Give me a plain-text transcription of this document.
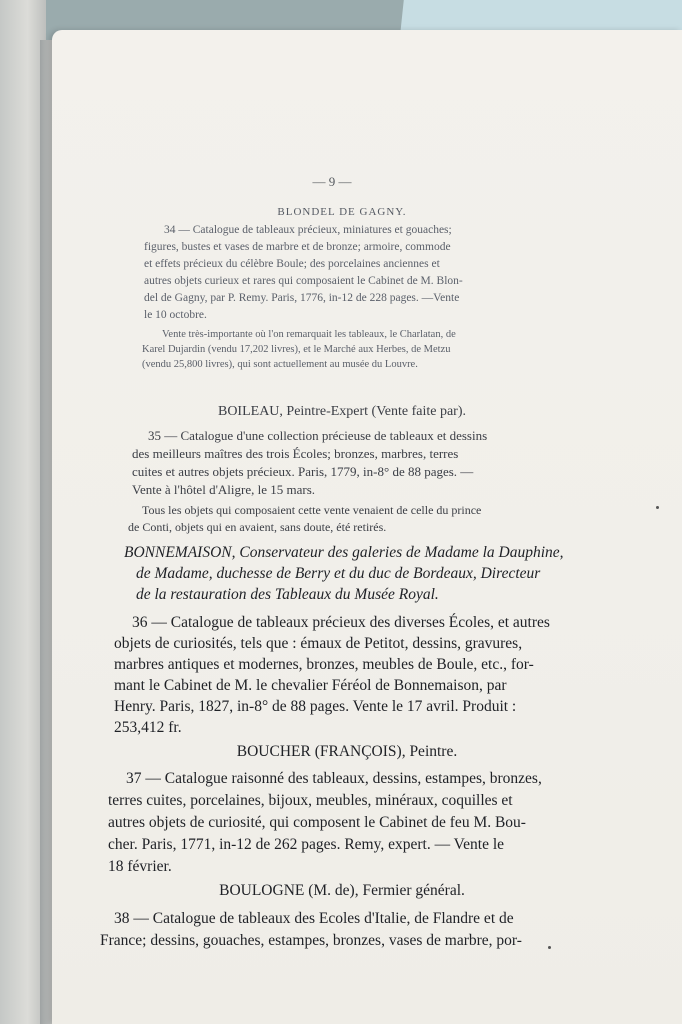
— 9 —
BLONDEL DE GAGNY.
34 — Catalogue de tableaux précieux, miniatures et gouaches;
figures, bustes et vases de marbre et de bronze; armoire, commode
et effets précieux du célèbre Boule; des porcelaines anciennes et
autres objets curieux et rares qui composaient le Cabinet de M. Blon-
del de Gagny, par P. Remy. Paris, 1776, in-12 de 228 pages. —Vente
le 10 octobre.
Vente très-importante où l'on remarquait les tableaux, le Charlatan, de
Karel Dujardin (vendu 17,202 livres), et le Marché aux Herbes, de Metzu
(vendu 25,800 livres), qui sont actuellement au musée du Louvre.
BOILEAU, Peintre-Expert (Vente faite par).
35 — Catalogue d'une collection précieuse de tableaux et dessins
des meilleurs maîtres des trois Écoles; bronzes, marbres, terres
cuites et autres objets précieux. Paris, 1779, in-8° de 88 pages. —
Vente à l'hôtel d'Aligre, le 15 mars.
Tous les objets qui composaient cette vente venaient de celle du prince
de Conti, objets qui en avaient, sans doute, été retirés.
BONNEMAISON, Conservateur des galeries de Madame la Dauphine,
de Madame, duchesse de Berry et du duc de Bordeaux, Directeur
de la restauration des Tableaux du Musée Royal.
36 — Catalogue de tableaux précieux des diverses Écoles, et autres
objets de curiosités, tels que : émaux de Petitot, dessins, gravures,
marbres antiques et modernes, bronzes, meubles de Boule, etc., for-
mant le Cabinet de M. le chevalier Féréol de Bonnemaison, par
Henry. Paris, 1827, in-8° de 88 pages. Vente le 17 avril. Produit :
253,412 fr.
BOUCHER (FRANÇOIS), Peintre.
37 — Catalogue raisonné des tableaux, dessins, estampes, bronzes,
terres cuites, porcelaines, bijoux, meubles, minéraux, coquilles et
autres objets de curiosité, qui composent le Cabinet de feu M. Bou-
cher. Paris, 1771, in-12 de 262 pages. Remy, expert. — Vente le
18 février.
BOULOGNE (M. de), Fermier général.
38 — Catalogue de tableaux des Ecoles d'Italie, de Flandre et de
France; dessins, gouaches, estampes, bronzes, vases de marbre, por-
